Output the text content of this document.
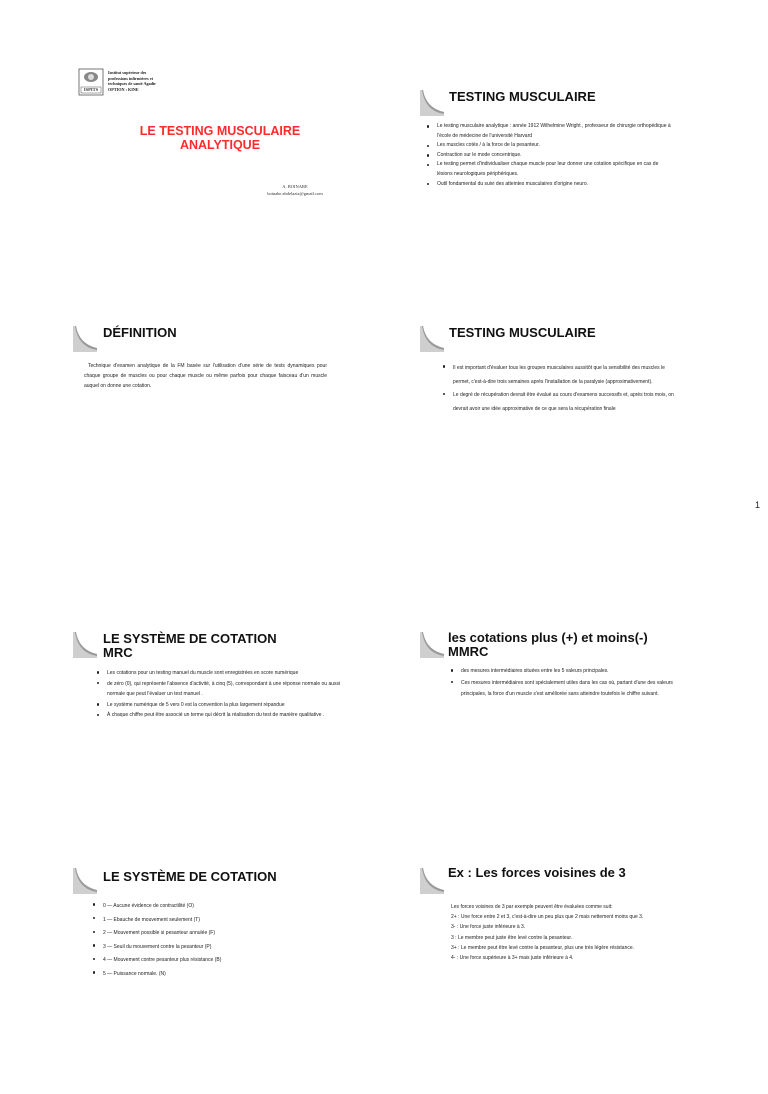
ISPITS
Institut supérieur des
professions infirmières et
techniques de santé Agadir
OPTION : KINE
LE TESTING MUSCULAIRE
ANALYTIQUE
A. BOINARE
boinabe.abdelaziz@gmail.com
TESTING MUSCULAIRE
Le testing musculaire analytique : année 1912 Wilhelmine Wright , professeur de chirurgie orthopédique à l'école de médecine de l'université Harvard
Les muscles cotés / à la force de la pesanteur.
Contraction sur le mode concentrique.
Le testing permet d'individualiser chaque muscle pour leur donner une cotation spécifique en cas de lésions neurologiques périphériques.
Outil fondamental du suivi des atteintes musculaires d'origine neuro.
DÉFINITION
Technique d'examen analytique de la FM basée sur l'utilisation d'une série de tests dynamiques pour chaque groupe de muscles ou pour chaque muscle ou même parfois pour chaque faisceau d'un muscle auquel on donne une cotation.
TESTING MUSCULAIRE
Il est important d'évaluer tous les groupes musculaires aussitôt que la sensibilité des muscles le permet, c'est-à-dire trois semaines après l'installation de la paralysie (approximativement).
Le degré de récupération devrait être évalué au cours d'examens successifs et, après trois mois, on devrait avoir une idée approximative de ce que sera la récupération finale
1
LE SYSTÈME DE COTATION
MRC
Les cotations pour un testing manuel du muscle sont enregistrées en score numérique
de zéro (0), qui représente l'absence d'activité, à cinq (5), correspondant à une réponse normale ou aussi normale que peut l'évaluer un test manuel .
Le système numérique de 5 vers 0 est la convention la plus largement répandue
À chaque chiffre peut être associé un terme qui décrit la réalisation du test de manière qualitative .
les cotations plus (+) et moins(-)
MMRC
des mesures intermédiaires situées entre les 5 valeurs principales.
Ces mesures intermédiaires sont spécialement utiles dans les cas où, partant d'une des valeurs principales, la force d'un muscle s'est améliorée sans atteindre toutefois le chiffre suivant.
LE SYSTÈME DE COTATION
0 — Aucune évidence de contractilité (O)
1 — Ebauche de mouvement seulement (T)
2 — Mouvement possible si pesanteur annulée (F)
3 — Seuil du mouvement contre la pesanteur (P)
4 — Mouvement contre pesanteur plus résistance (B)
5 — Puissance normale. (N)
Ex : Les forces voisines de 3
Les forces voisines de 3 par exemple peuvent être évaluées comme suit:
2+ : Une force entre 2 et 3, c'est-à-dire un peu plus que 2 mais nettement moins que 3.
3- : Une force juste inférieure à 3.
3 : Le membre peut juste être levé contre la pesanteur.
3+ : Le membre peut être levé contre la pesanteur, plus une très légère résistance.
4- : Une force supérieure à 3+ mais juste inférieure à 4.
